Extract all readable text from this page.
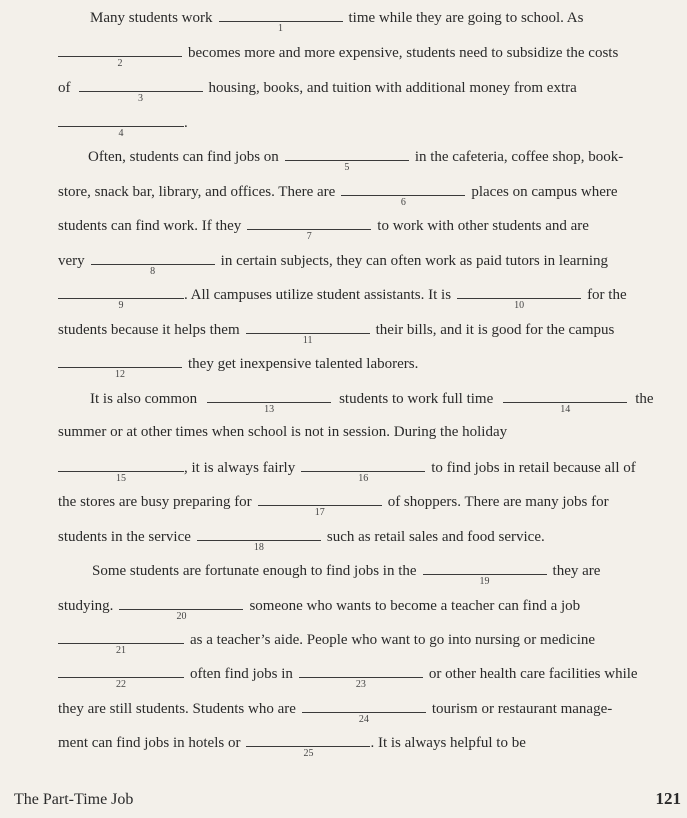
Many students work
1
time while they are going to school. As
2
becomes more and more expensive, students need to subsidize the costs
of
3
housing, books, and tuition with additional money from extra
4
.
Often, students can find jobs on
5
in the cafeteria, coffee shop, book-
store, snack bar, library, and offices. There are
6
places on campus where
students can find work. If they
7
to work with other students and are
very
8
in certain subjects, they can often work as paid tutors in learning
9
. All campuses utilize student assistants. It is
10
for the
students because it helps them
11
their bills, and it is good for the campus
12
they get inexpensive talented laborers.
It is also common
13
students to work full time
14
the
summer or at other times when school is not in session. During the holiday
15
, it is always fairly
16
to find jobs in retail because all of
the stores are busy preparing for
17
of shoppers. There are many jobs for
students in the service
18
such as retail sales and food service.
Some students are fortunate enough to find jobs in the
19
they are
studying.
20
someone who wants to become a teacher can find a job
21
as a teacher’s aide. People who want to go into nursing or medicine
22
often find jobs in
23
or other health care facilities while
they are still students. Students who are
24
tourism or restaurant manage-
ment can find jobs in hotels or
25
. It is always helpful to be
The Part-Time Job	121
